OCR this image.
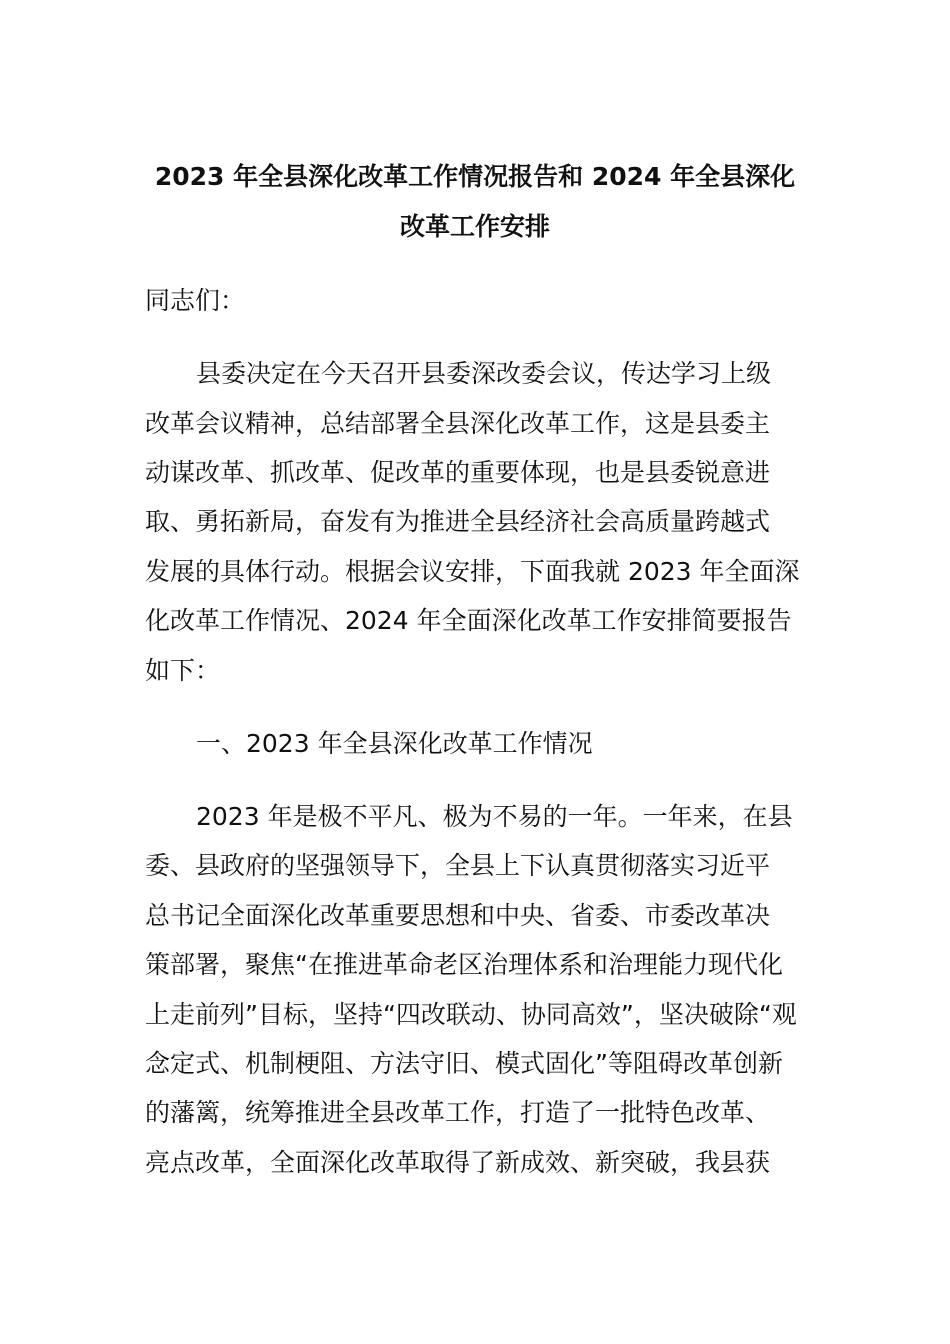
2023 年全县深化改革工作情况报告和 2024 年全县深化
改革工作安排

同志们：

县委决定在今天召开县委深改委会议，传达学习上级

改革会议精神，总结部署全县深化改革工作，这是县委主

动谋改革、抓改革、促改革的重要体现，也是县委锐意进

取、勇拓新局，奋发有为推进全县经济社会高质量跨越式

发展的具体行动。根据会议安排，下面我就 2023 年全面深

化改革工作情况、2024 年全面深化改革工作安排简要报告

如下：

一、2023 年全县深化改革工作情况

2023 年是极不平凡、极为不易的一年。一年来，在县

委、县政府的坚强领导下，全县上下认真贯彻落实习近平

总书记全面深化改革重要思想和中央、省委、市委改革决

策部署，聚焦“在推进革命老区治理体系和治理能力现代化

上走前列”目标，坚持“四改联动、协同高效”，坚决破除“观

念定式、机制梗阻、方法守旧、模式固化”等阻碍改革创新

的藩篱，统筹推进全县改革工作，打造了一批特色改革、

亮点改革，全面深化改革取得了新成效、新突破，我县获
